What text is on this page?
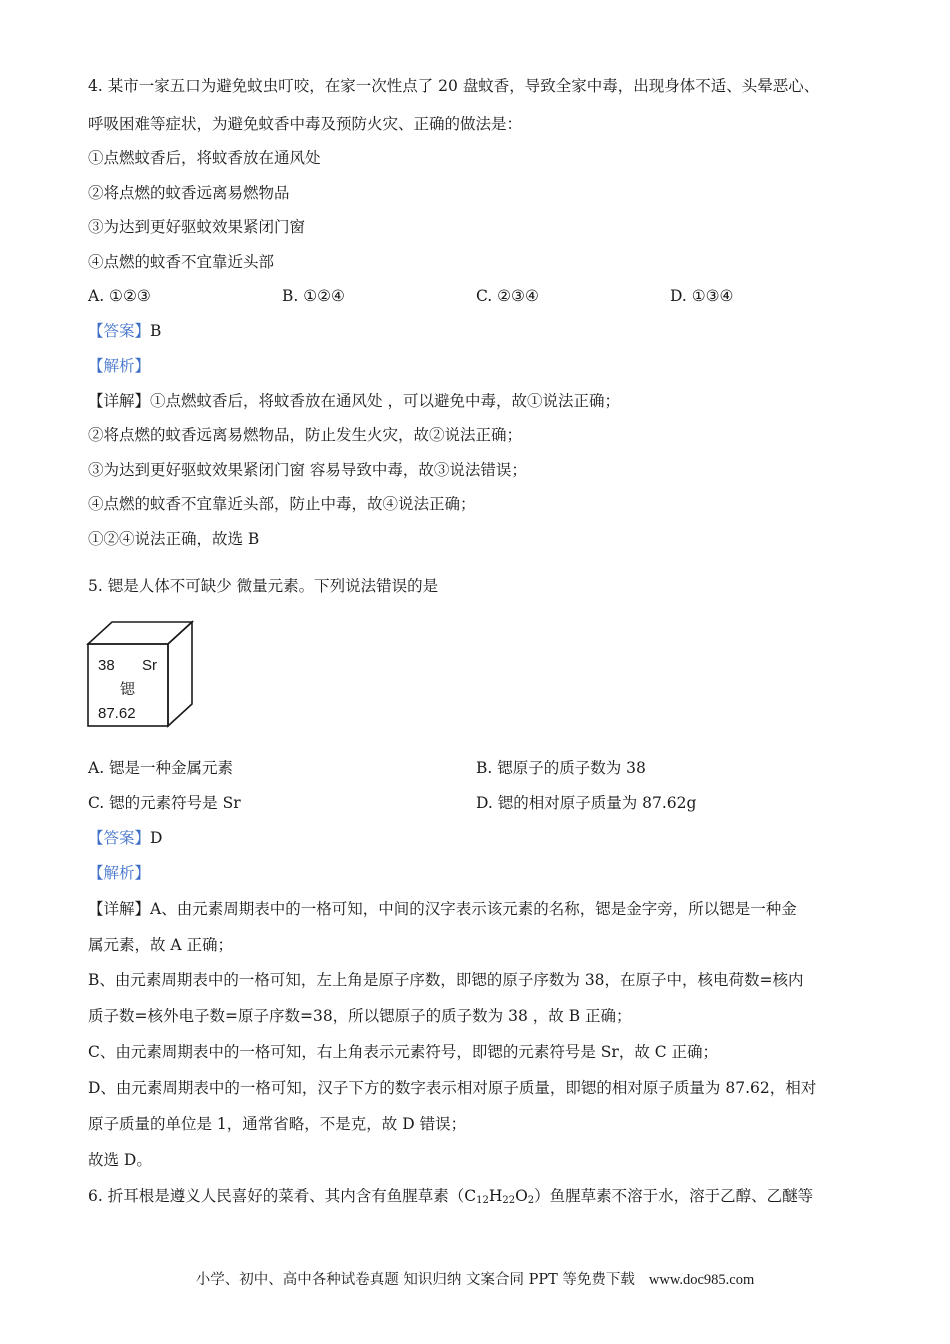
4. 某市一家五口为避免蚊虫叮咬，在家一次性点了 20 盘蚊香，导致全家中毒，出现身体不适、头晕恶心、
呼吸困难等症状，为避免蚊香中毒及预防火灾、正确的做法是：
①点燃蚊香后，将蚊香放在通风处
②将点燃的蚊香远离易燃物品
③为达到更好驱蚊效果紧闭门窗
④点燃的蚊香不宜靠近头部
A. ①②③	B. ①②④	C. ②③④	D. ①③④
【答案】B
【解析】
【详解】①点燃蚊香后，将蚊香放在通风处 ，可以避免中毒，故①说法正确；
②将点燃的蚊香远离易燃物品，防止发生火灾，故②说法正确；
③为达到更好驱蚊效果紧闭门窗 容易导致中毒，故③说法错误；
④点燃的蚊香不宜靠近头部，防止中毒，故④说法正确；
①②④说法正确，故选 B
5. 锶是人体不可缺少 微量元素。下列说法错误的是
38 Sr
锶
87.62
A. 锶是一种金属元素	B. 锶原子的质子数为 38
C. 锶的元素符号是 Sr	D. 锶的相对原子质量为 87.62g
【答案】D
【解析】
【详解】A、由元素周期表中的一格可知，中间的汉字表示该元素的名称，锶是金字旁，所以锶是一种金
属元素，故 A 正确；
B、由元素周期表中的一格可知，左上角是原子序数，即锶的原子序数为 38，在原子中，核电荷数=核内
质子数=核外电子数=原子序数=38，所以锶原子的质子数为 38 ，故 B 正确；
C、由元素周期表中的一格可知，右上角表示元素符号，即锶的元素符号是 Sr，故 C 正确；
D、由元素周期表中的一格可知，汉子下方的数字表示相对原子质量，即锶的相对原子质量为 87.62，相对
原子质量的单位是 1，通常省略，不是克，故 D 错误；
故选 D。
6. 折耳根是遵义人民喜好的菜肴、其内含有鱼腥草素$(C_{12}H_{22}O_2)$鱼腥草素不溶于水，溶于乙醇、乙醚等
小学、初中、高中各种试卷真题 知识归纳 文案合同 PPT 等免费下载 www.doc985.com
